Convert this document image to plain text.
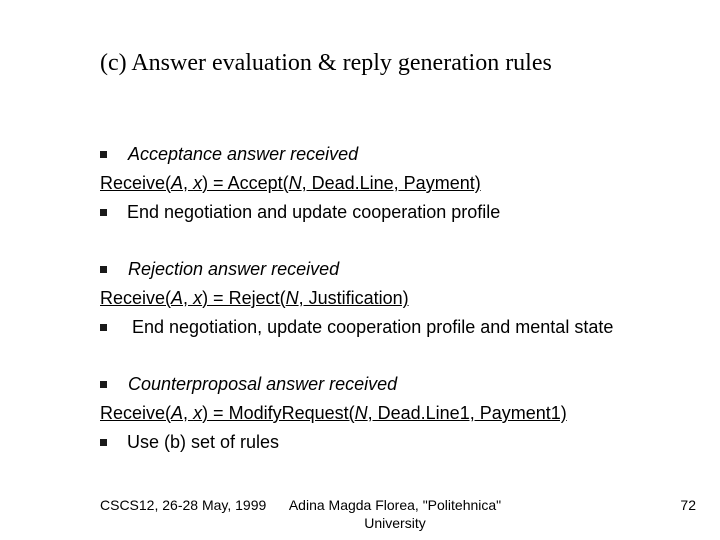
(c) Answer evaluation & reply generation rules
Acceptance answer received
Receive(A, x) = Accept(N, Dead.Line, Payment)
End negotiation and update cooperation profile
Rejection answer received
Receive(A, x) = Reject(N, Justification)
End negotiation, update cooperation profile and mental state
Counterproposal answer received
Receive(A, x) = ModifyRequest(N, Dead.Line1, Payment1)
Use (b) set of rules
CSCS12, 26-28 May, 1999	Adina Magda Florea, "Politehnica"
University
72
